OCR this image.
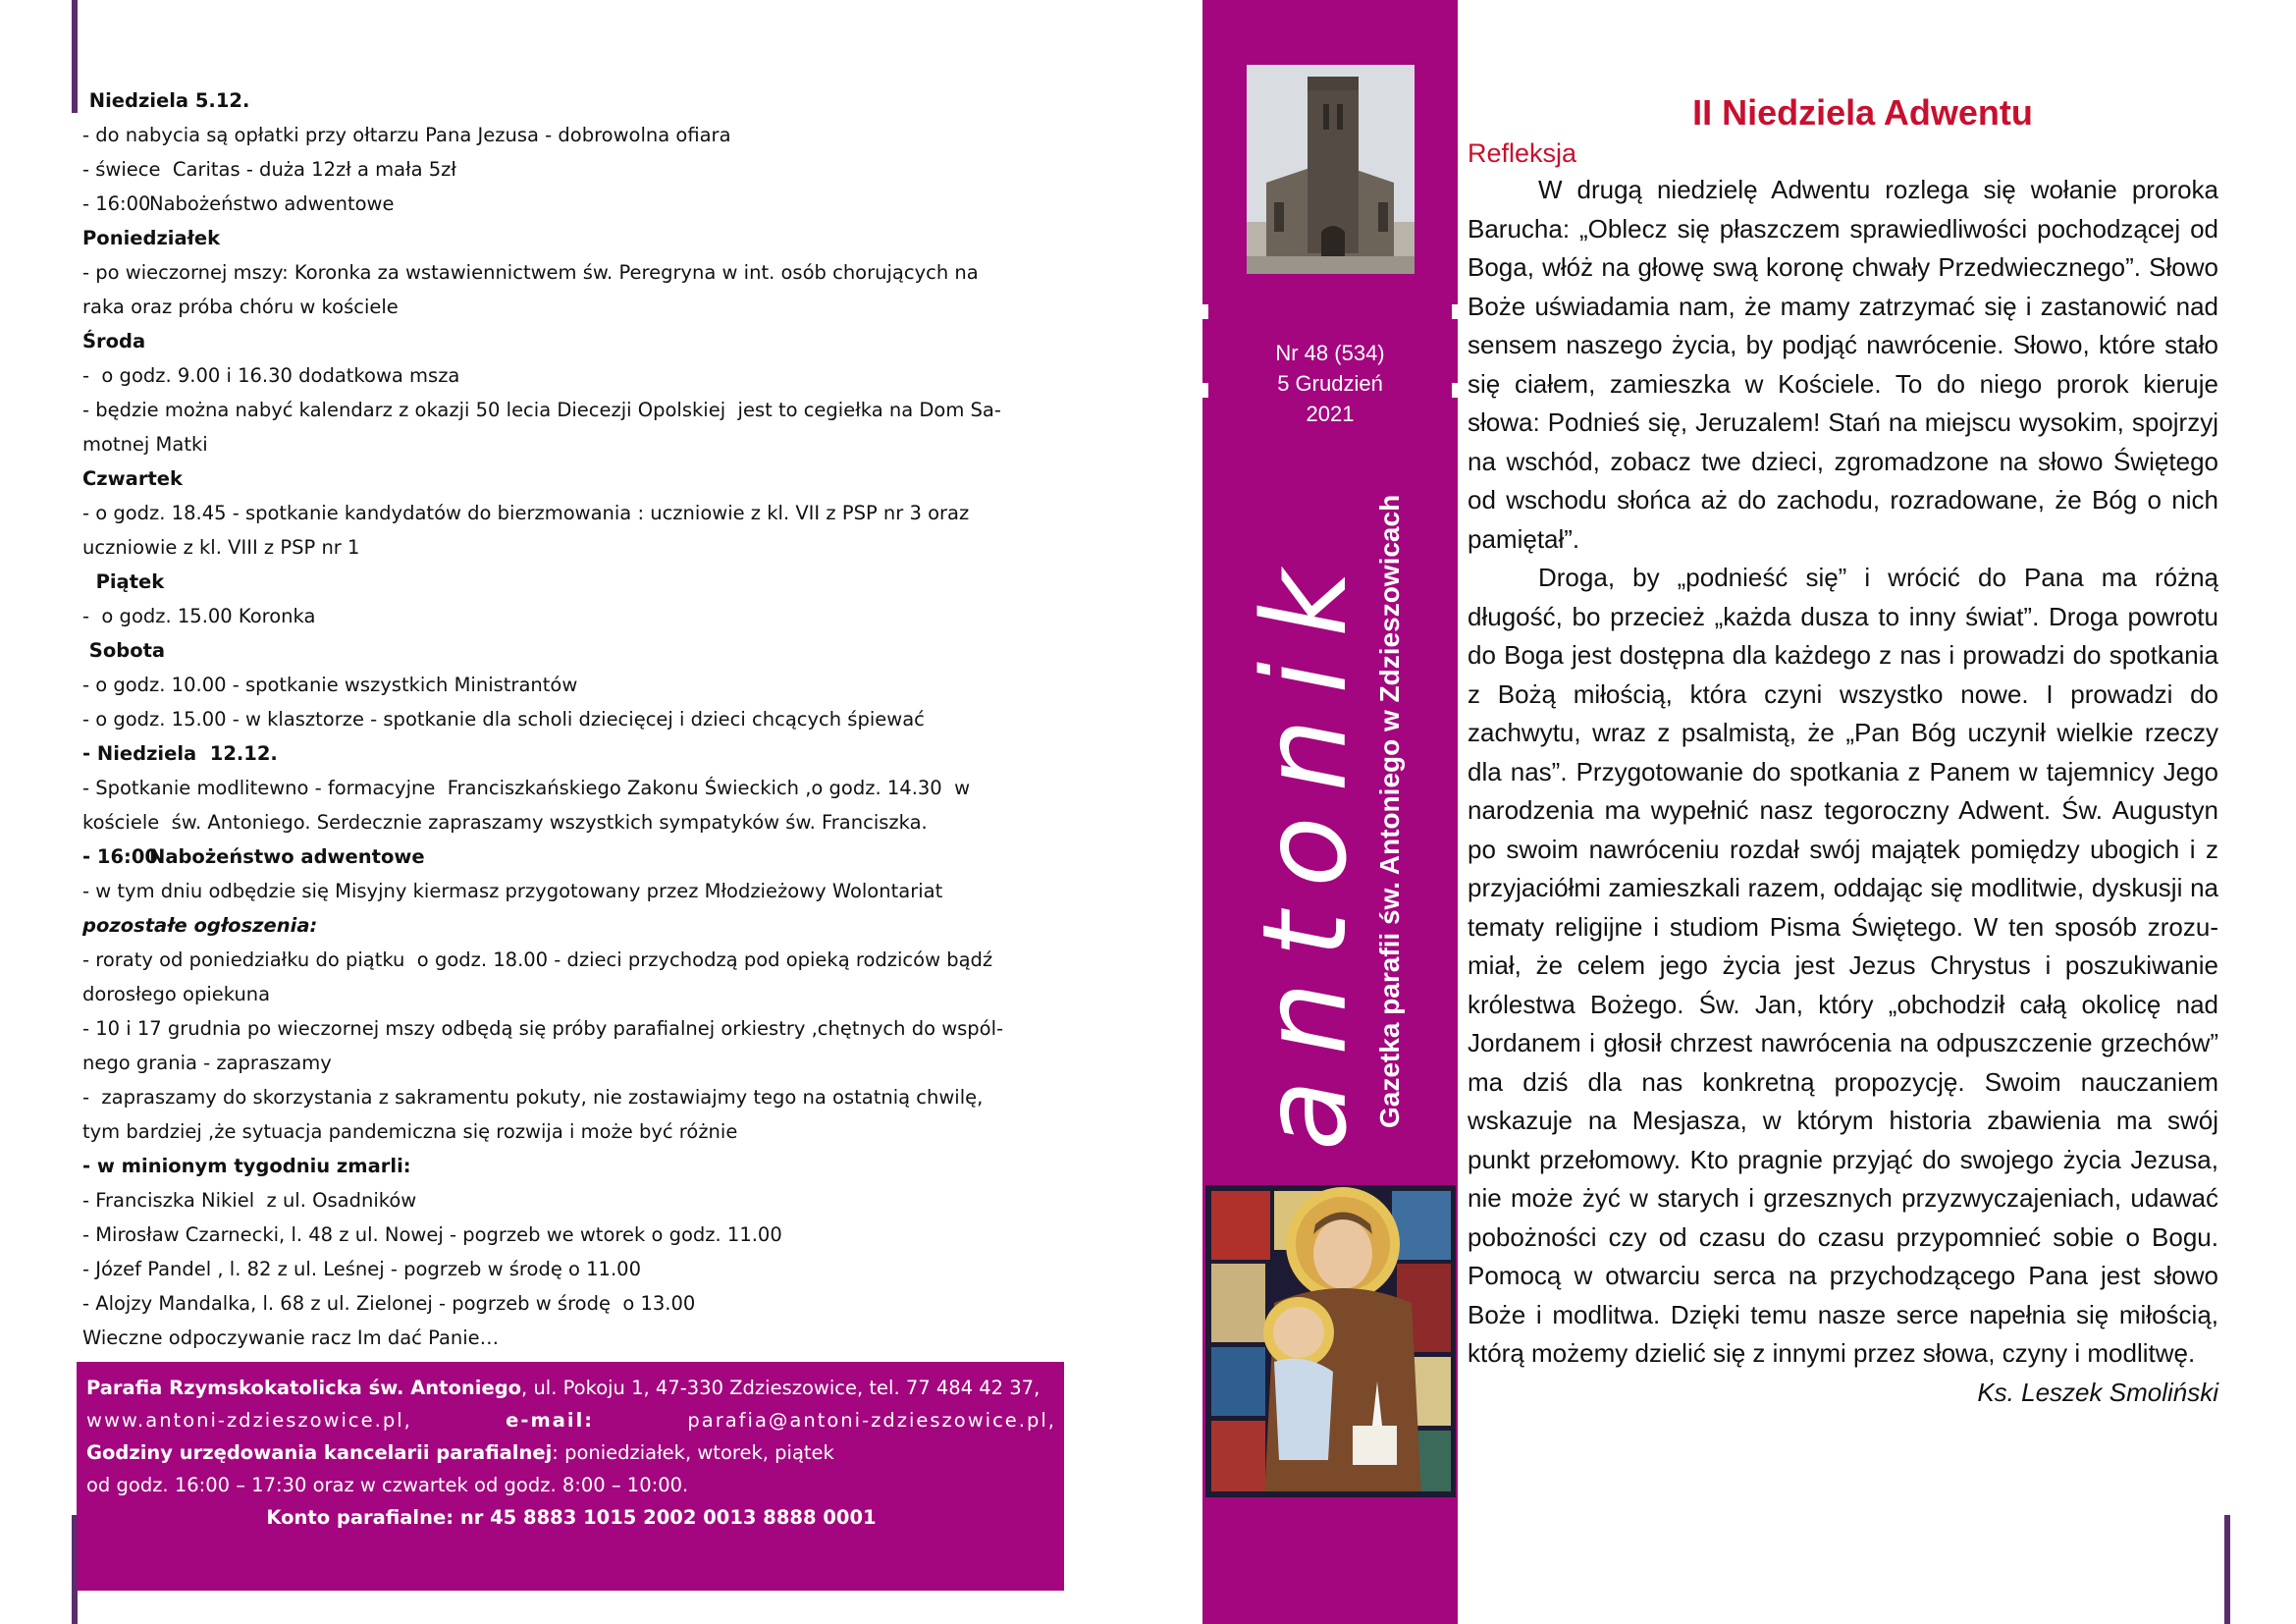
Niedziela 5.12.
- do nabycia są opłatki przy ołtarzu Pana Jezusa - dobrowolna ofiara
- świece  Caritas - duża 12zł a mała 5zł
- 16:00Nabożeństwo adwentowe
Poniedziałek
- po wieczornej mszy: Koronka za wstawiennictwem św. Peregryna w int. osób chorujących na
raka oraz próba chóru w kościele
Środa
-  o godz. 9.00 i 16.30 dodatkowa msza
- będzie można nabyć kalendarz z okazji 50 lecia Diecezji Opolskiej  jest to cegiełka na Dom Sa-
motnej Matki
Czwartek
- o godz. 18.45 - spotkanie kandydatów do bierzmowania : uczniowie z kl. VII z PSP nr 3 oraz
uczniowie z kl. VIII z PSP nr 1
Piątek
-  o godz. 15.00 Koronka
Sobota
- o godz. 10.00 - spotkanie wszystkich Ministrantów
- o godz. 15.00 - w klasztorze - spotkanie dla scholi dziecięcej i dzieci chcących śpiewać
- Niedziela  12.12.
- Spotkanie modlitewno - formacyjne  Franciszkańskiego Zakonu Świeckich ,o godz. 14.30  w
kościele  św. Antoniego. Serdecznie zapraszamy wszystkich sympatyków św. Franciszka.
- 16:00Nabożeństwo adwentowe
- w tym dniu odbędzie się Misyjny kiermasz przygotowany przez Młodzieżowy Wolontariat
pozostałe ogłoszenia:
- roraty od poniedziałku do piątku  o godz. 18.00 - dzieci przychodzą pod opieką rodziców bądź
dorosłego opiekuna
- 10 i 17 grudnia po wieczornej mszy odbędą się próby parafialnej orkiestry ,chętnych do wspól-
nego grania - zapraszamy
-  zapraszamy do skorzystania z sakramentu pokuty, nie zostawiajmy tego na ostatnią chwilę,
tym bardziej ,że sytuacja pandemiczna się rozwija i może być różnie
- w minionym tygodniu zmarli:
- Franciszka Nikiel  z ul. Osadników
- Mirosław Czarnecki, l. 48 z ul. Nowej - pogrzeb we wtorek o godz. 11.00
- Józef Pandel , l. 82 z ul. Leśnej - pogrzeb w środę o 11.00
- Alojzy Mandalka, l. 68 z ul. Zielonej - pogrzeb w środę  o 13.00
Wieczne odpoczywanie racz Im dać Panie…
Parafia Rzymskokatolicka św. Antoniego, ul. Pokoju 1, 47-330 Zdzieszowice, tel. 77 484 42 37,
www.antoni-zdzieszowice.pl,	e-mail:	parafia@antoni-zdzieszowice.pl,
Godziny urzędowania kancelarii parafialnej: poniedziałek, wtorek, piątek
od godz. 16:00 – 17:30 oraz w czwartek od godz. 8:00 – 10:00.
Konto parafialne: nr 45 8883 1015 2002 0013 8888 0001
Nr 48 (534)
5 Grudzień
2021
antonik Gazetka parafii św. Antoniego w Zdzieszowicach
II Niedziela Adwentu
Refleksja

W drugą niedzielę Adwentu rozlega się wołanie proroka Barucha: „Oblecz się płaszczem sprawiedliwości pochodzącej od Boga, włóż na głowę swą koronę chwały Przedwiecznego”. Słowo Boże uświadamia nam, że mamy zatrzymać się i zastanowić nad sensem naszego życia, by podjąć nawrócenie. Słowo, które stało się ciałem, zamieszka w Kościele. To do niego prorok kieruje słowa: Podnieś się, Jeruzalem! Stań na miejscu wysokim, spojrzyj na wschód, zobacz twe dzieci, zgromadzone na słowo Świętego od wschodu słońca aż do zachodu, rozradowane, że Bóg o nich pamiętał”.

Droga, by „podnieść się” i wrócić do Pana ma różną długość, bo przecież „każda dusza to inny świat”. Droga powrotu do Boga jest dostępna dla każdego z nas i prowadzi do spotkania z Bożą miłością, która czyni wszystko nowe. I prowadzi do zachwytu, wraz z psalmistą, że „Pan Bóg uczynił wielkie rzeczy dla nas”. Przygotowanie do spotkania z Panem w tajemnicy Jego narodzenia ma wypełnić nasz tegoroczny Adwent. Św. Augustyn po swoim nawróceniu rozdał swój majątek pomiędzy ubogich i z przyjaciółmi zamieszkali razem, oddając się modlitwie, dyskusji na tematy religijne i studiom Pisma Świętego. W ten sposób zrozumiał, że celem jego życia jest Jezus Chrystus i poszukiwanie królestwa Bożego. Św. Jan, który „obchodził całą okolicę nad Jordanem i głosił chrzest nawrócenia na odpuszczenie grzechów” ma dziś dla nas konkretną propozycję. Swoim nauczaniem wskazuje na Mesjasza, w którym historia zbawienia ma swój punkt przełomowy. Kto pragnie przyjąć do swojego życia Jezusa, nie może żyć w starych i grzesznych przyzwyczajeniach, udawać pobożności czy od czasu do czasu przypomnieć sobie o Bogu. Pomocą w otwarciu serca na przychodzącego Pana jest słowo Boże i modlitwa. Dzięki temu nasze serce napełnia się miłością, którą możemy dzielić się z innymi przez słowa, czyny i modlitwę.

Ks. Leszek Smoliński
